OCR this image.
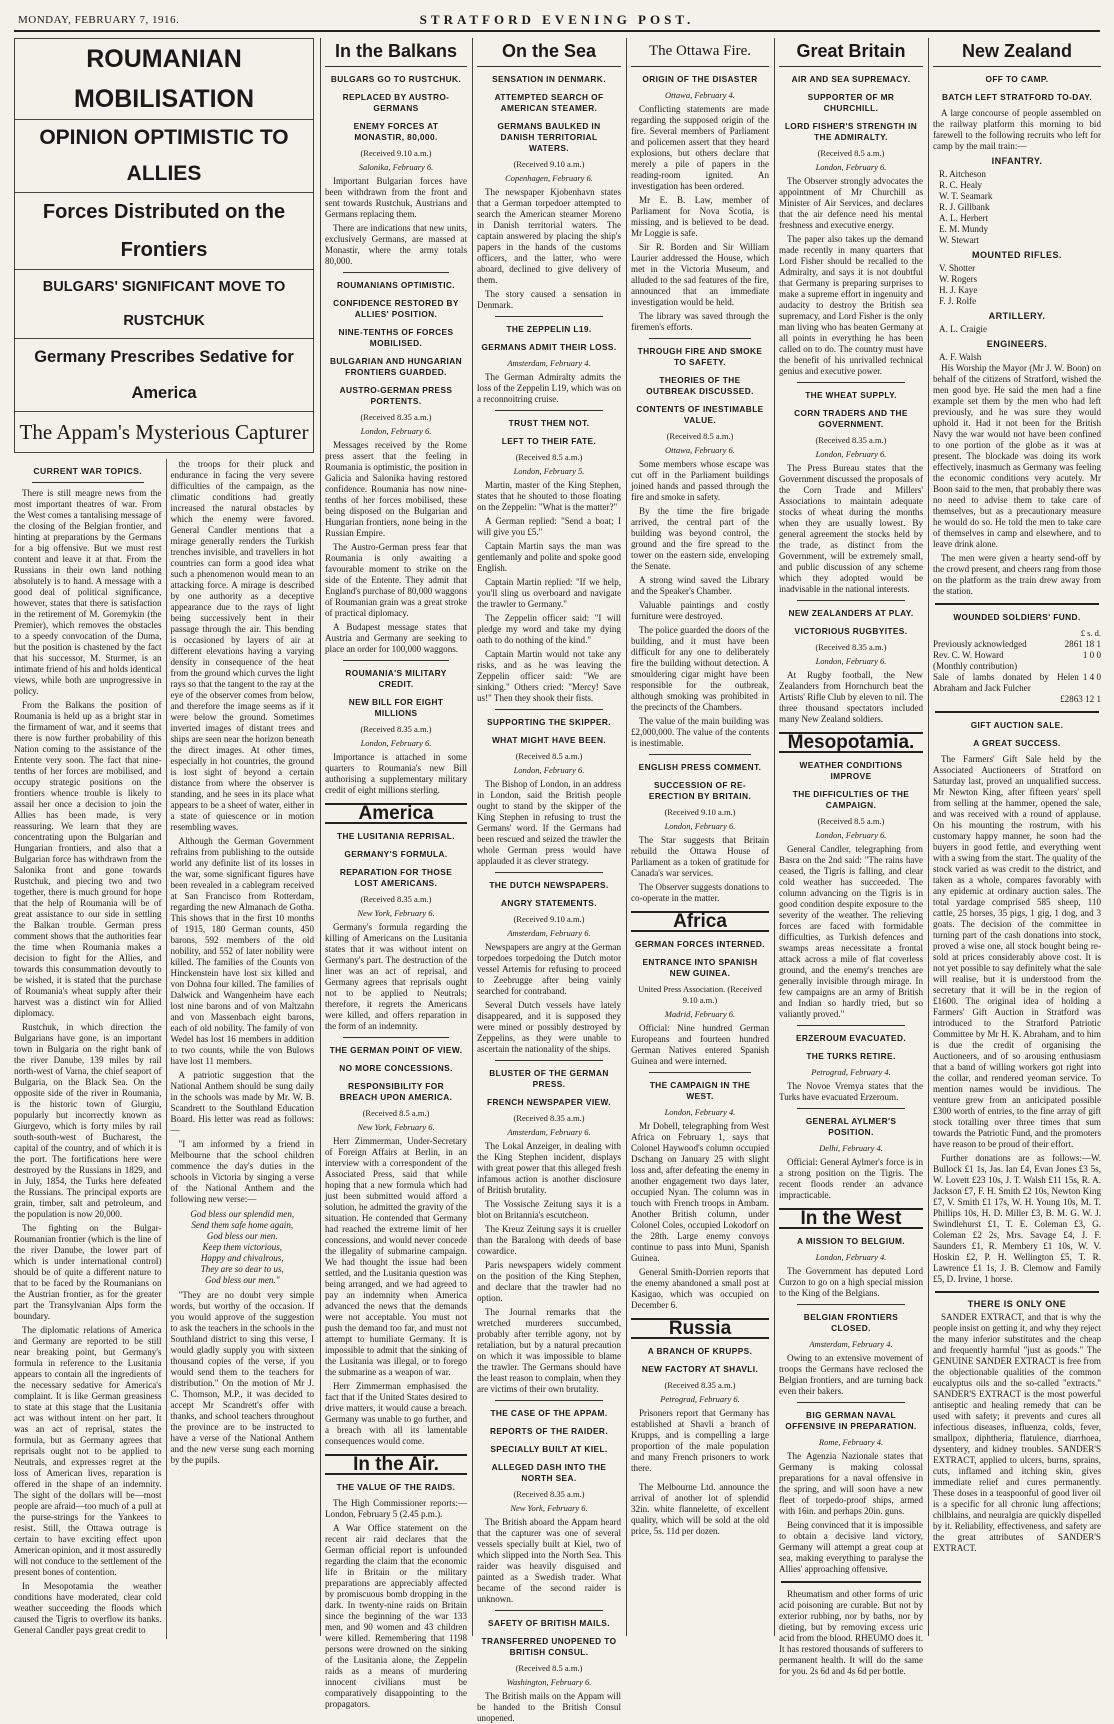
MONDAY, FEBRUARY 7, 1916.	STRATFORD EVENING POST.
ROUMANIAN MOBILISATION
OPINION OPTIMISTIC TO ALLIES
Forces Distributed on the Frontiers
BULGARS' SIGNIFICANT MOVE TO RUSTCHUK
Germany Prescribes Sedative for America
The Appam's Mysterious Capturer
CURRENT WAR TOPICS.

There is still meagre news from the most important theatres of war. From the West comes a tantalising message of the closing of the Belgian frontier, and hinting at preparations by the Germans for a big offensive. But we must rest content and leave it at that. From the Russians in their own land nothing absolutely is to hand. A message with a good deal of political significance, however, states that there is satisfaction in the retirement of M. Goremykin (the Premier), which removes the obstacles to a speedy convocation of the Duma, but the position is chastened by the fact that his successor, M. Sturmer, is an intimate friend of his and holds identical views, while both are unprogressive in policy.

From the Balkans the position of Roumania is held up as a bright star in the firmament of war, and it seems that there is now further probability of this Nation coming to the assistance of the Entente very soon. The fact that nine-tenths of her forces are mobilised, and occupy strategic positions on the frontiers whence trouble is likely to assail her once a decision to join the Allies has been made, is very reassuring. We learn that they are concentrating upon the Bulgarian and Hungarian frontiers, and also that a Bulgarian force has withdrawn from the Salonika front and gone towards Rustchuk, and piecing two and two together, there is much ground for hope that the help of Roumania will be of great assistance to our side in settling the Balkan trouble. German press comment shows that the authorities fear the time when Roumania makes a decision to fight for the Allies, and towards this consummation devoutly to be wished, it is stated that the purchase of Roumania's wheat supply after their harvest was a distinct win for Allied diplomacy.

Rustchuk, in which direction the Bulgarians have gone, is an important town in Bulgaria on the right bank of the river Danube, 139 miles by rail north-west of Varna, the chief seaport of Bulgaria, on the Black Sea. On the opposite side of the river in Roumania, is the historic town of Giurgiu, popularly but incorrectly known as Giurgevo, which is forty miles by rail south-south-west of Bucharest, the capital of the country, and of which it is the port. The fortifications here were destroyed by the Russians in 1829, and in July, 1854, the Turks here defeated the Russians. The principal exports are grain, timber, salt and petroleum, and the population is now 20,000.

The fighting on the Bulgar-Roumanian frontier (which is the line of the river Danube, the lower part of which is under international control) should be of quite a different nature to that to be faced by the Roumanians on the Austrian frontier, as for the greater part the Transylvanian Alps form the boundary.

The diplomatic relations of America and Germany are reported to be still near breaking point, but Germany's formula in reference to the Lusitania appears to contain all the ingredients of the necessary sedative for America's complaint. It is like German greasiness to state at this stage that the Lusitania act was without intent on her part. It was an act of reprisal, states the formula, but as Germany agrees that reprisals ought not to be applied to Neutrals, and expresses regret at the loss of American lives, reparation is offered in the shape of an indemnity. The sight of the dollars will be—most people are afraid—too much of a pull at the purse-strings for the Yankees to resist. Still, the Ottawa outrage is certain to have exciting effect upon American opinion, and it most assuredly will not conduce to the settlement of the present bones of contention.

In Mesopotamia the weather conditions have moderated, clear cold weather succeeding the floods which caused the Tigris to overflow its banks. General Candler pays great credit to

the troops for their pluck and endurance in facing the very severe difficulties of the campaign, as the climatic conditions had greatly increased the natural obstacles by which the enemy were favored. General Candler mentions that a mirage generally renders the Turkish trenches invisible, and travellers in hot countries can form a good idea what such a phenomenon would mean to an attacking force. A mirage is described by one authority as a deceptive appearance due to the rays of light being successively bent in their passage through the air. This bending is occasioned by layers of air at different elevations having a varying density in consequence of the heat from the ground which curves the light rays so that the tangent to the ray at the eye of the observer comes from below, and therefore the image seems as if it were below the ground. Sometimes inverted images of distant trees and ships are seen near the horizon beneath the direct images. At other times, especially in hot countries, the ground is lost sight of beyond a certain distance from where the observer is standing, and he sees in its place what appears to be a sheet of water, either in a state of quiescence or in motion resembling waves.

Although the German Government refrains from publishing to the outside world any definite list of its losses in the war, some significant figures have been revealed in a cablegram received at San Francisco from Rotterdam, regarding the new Almanach de Gotha. This shows that in the first 10 months of 1915, 180 German counts, 450 barons, 592 members of the old nobility, and 552 of later nobility were killed. The families of the Counts von Hinckenstein have lost six killed and von Dohna four killed. The families of Dalwick and Wangenheim have each lost nine barons and of von Maltzahn and von Massenbach eight barons, each of old nobility. The family of von Wedel has lost 16 members in addition to two counts, while the von Bulows have lost 11 members.

A patriotic suggestion that the National Anthem should be sung daily in the schools was made by Mr. W. B. Scandrett to the Southland Education Board. His letter was read as follows:—

"I am informed by a friend in Melbourne that the school children commence the day's duties in the schools in Victoria by singing a verse of the National Anthem and the following new verse:—

God bless our splendid men,
Send them safe home again,
God bless our men.
Keep them victorious,
Happy and chivalrous,
They are so dear to us,
God bless our men."

"They are no doubt very simple words, but worthy of the occasion. If you would approve of the suggestion to ask the teachers in the schools in the Southland district to sing this verse, I would gladly supply you with sixteen thousand copies of the verse, if you would send them to the teachers for distribution." On the motion of Mr J. C. Thomson, M.P., it was decided to accept Mr Scandrett's offer with thanks, and school teachers throughout the province are to be instructed to have a verse of the National Anthem and the new verse sung each morning by the pupils.

In the Balkans
BULGARS GO TO RUSTCHUK.
REPLACED BY AUSTRO-GERMANS
ENEMY FORCES AT MONASTIR, 80,000.
(Received 9.10 a.m.)
Salonika, February 6.

Important Bulgarian forces have been withdrawn from the front and sent towards Rustchuk, Austrians and Germans replacing them.

There are indications that new units, exclusively Germans, are massed at Monastir, where the army totals 80,000.

ROUMANIANS OPTIMISTIC.
CONFIDENCE RESTORED BY ALLIES' POSITION.
NINE-TENTHS OF FORCES MOBILISED.
BULGARIAN AND HUNGARIAN FRONTIERS GUARDED.
AUSTRO-GERMAN PRESS PORTENTS.
(Received 8.35 a.m.)
London, February 6.

Messages received by the Rome press assert that the feeling in Roumania is optimistic, the position in Galicia and Salonika having restored confidence. Roumania has now nine-tenths of her forces mobilised, these being disposed on the Bulgarian and Hungarian frontiers, none being in the Russian Empire.

The Austro-German press fear that Roumania is only awaiting a favourable moment to strike on the side of the Entente. They admit that England's purchase of 80,000 waggons of Roumanian grain was a great stroke of practical diplomacy.

A Budapest message states that Austria and Germany are seeking to place an order for 100,000 waggons.

ROUMANIA'S MILITARY CREDIT.
NEW BILL FOR EIGHT MILLIONS
(Received 8.35 a.m.)
London, February 6.

Importance is attached in some quarters to Roumania's new Bill authorising a supplementary military credit of eight millions sterling.

America
THE LUSITANIA REPRISAL.
GERMANY'S FORMULA.
REPARATION FOR THOSE LOST AMERICANS.
(Received 8.35 a.m.)
New York, February 6.

Germany's formula regarding the killing of Americans on the Lusitania states that it was without intent on Germany's part. The destruction of the liner was an act of reprisal, and Germany agrees that reprisals ought not to be applied to Neutrals; therefore, it regrets the Americans were killed, and offers reparation in the form of an indemnity.

THE GERMAN POINT OF VIEW.
NO MORE CONCESSIONS.
RESPONSIBILITY FOR BREACH UPON AMERICA.
(Received 8.5 a.m.)
New York, February 6.

Herr Zimmerman, Under-Secretary of Foreign Affairs at Berlin, in an interview with a correspondent of the Associated Press, said that while hoping that a new formula which had just been submitted would afford a solution, he admitted the gravity of the situation. He contended that Germany had reached the extreme limit of her concessions, and would never concede the illegality of submarine campaign. We had thought the issue had been settled, and the Lusitania question was being arranged, and we had agreed to pay an indemnity when America advanced the news that the demands were not acceptable. You must not push the demand too far, and must not attempt to humiliate Germany. It is impossible to admit that the sinking of the Lusitania was illegal, or to forego the submarine as a weapon of war.

Herr Zimmerman emphasised the fact that if the United States desired to drive matters, it would cause a breach. Germany was unable to go further, and a breach with all its lamentable consequences would come.

In the Air.
THE VALUE OF THE RAIDS.

The High Commissioner reports:— London, February 5 (2.45 p.m.).

A War Office statement on the recent air raid declares that the German official report is unfounded regarding the claim that the economic life in Britain or the military preparations are appreciably affected by promiscuous bomb dropping in the dark. In twenty-nine raids on Britain since the beginning of the war 133 men, and 90 women and 43 children were killed. Remembering that 1198 persons were drowned on the sinking of the Lusitania alone, the Zeppelin raids as a means of murdering innocent civilians must be comparatively disappointing to the propagators.

On the Sea
SENSATION IN DENMARK.
ATTEMPTED SEARCH OF AMERICAN STEAMER.
GERMANS BAULKED IN DANISH TERRITORIAL WATERS.
(Received 9.10 a.m.)
Copenhagen, February 6.

The newspaper Kjobenhavn states that a German torpedoer attempted to search the American steamer Moreno in Danish territorial waters. The captain answered by placing the ship's papers in the hands of the customs officers, and the latter, who were aboard, declined to give delivery of them.

The story caused a sensation in Denmark.

THE ZEPPELIN L19.
GERMANS ADMIT THEIR LOSS.
Amsterdam, February 4.

The German Admiralty admits the loss of the Zeppelin L19, which was on a reconnoitring cruise.

TRUST THEM NOT.
LEFT TO THEIR FATE.
(Received 8.5 a.m.)
London, February 5.

Martin, master of the King Stephen, states that he shouted to those floating on the Zeppelin: "What is the matter?"

A German replied: "Send a boat; I will give you £5."

Captain Martin says the man was gentlemanly and polite and spoke good English.

Captain Martin replied: "If we help, you'll sling us overboard and navigate the trawler to Germany."

The Zeppelin officer said: "I will pledge my word and take my dying oath to do nothing of the kind."

Captain Martin would not take any risks, and as he was leaving the Zeppelin officer said: "We are sinking." Others cried: "Mercy! Save us!" Then they shook their fists.

SUPPORTING THE SKIPPER.
WHAT MIGHT HAVE BEEN.
(Received 8.5 a.m.)
London, February 6.

The Bishop of London, in an address in London, said the British people ought to stand by the skipper of the King Stephen in refusing to trust the Germans' word. If the Germans had been rescued and seized the trawler the whole German press would have applauded it as clever strategy.

THE DUTCH NEWSPAPERS.
ANGRY STATEMENTS.
(Received 9.10 a.m.)
Amsterdam, February 6.

Newspapers are angry at the German torpedoes torpedoing the Dutch motor vessel Artemis for refusing to proceed to Zeebrugge after being vainly searched for contraband.

Several Dutch vessels have lately disappeared, and it is supposed they were mined or possibly destroyed by Zeppelins, as they were unable to ascertain the nationality of the ships.

BLUSTER OF THE GERMAN PRESS.
FRENCH NEWSPAPER VIEW.
(Received 8.35 a.m.)
Amsterdam, February 6.

The Lokal Anzeiger, in dealing with the King Stephen incident, displays with great power that this alleged fresh infamous action is another disclosure of British brutality.

The Vossische Zeitung says it is a blot on Britannia's escutcheon.

The Kreuz Zeitung says it is crueller than the Baralong with deeds of base cowardice.

Paris newspapers widely comment on the position of the King Stephen, and declare that the trawler had no option.

The Journal remarks that the wretched murderers succumbed, probably after terrible agony, not by retaliation, but by a natural precaution on which it was impossible to blame the trawler. The Germans should have the least reason to complain, when they are victims of their own brutality.

THE CASE OF THE APPAM.
REPORTS OF THE RAIDER.
SPECIALLY BUILT AT KIEL.
ALLEGED DASH INTO THE NORTH SEA.
(Received 8.35 a.m.)
New York, February 6.

The British aboard the Appam heard that the capturer was one of several vessels specially built at Kiel, two of which slipped into the North Sea. This raider was heavily disguised and painted as a Swedish trader. What became of the second raider is unknown.

SAFETY OF BRITISH MAILS.
TRANSFERRED UNOPENED TO BRITISH CONSUL.
(Received 8.5 a.m.)
Washington, February 6.

The British mails on the Appam will be handed to the British Consul unopened.

The Ottawa Fire.
ORIGIN OF THE DISASTER
Ottawa, February 4.

Conflicting statements are made regarding the supposed origin of the fire. Several members of Parliament and policemen assert that they heard explosions, but others declare that merely a pile of papers in the reading-room ignited. An investigation has been ordered.

Mr E. B. Law, member of Parliament for Nova Scotia, is missing, and is believed to be dead. Mr Loggie is safe.

Sir R. Borden and Sir William Laurier addressed the House, which met in the Victoria Museum, and alluded to the sad features of the fire, announced that an immediate investigation would be held.

The library was saved through the firemen's efforts.

THROUGH FIRE AND SMOKE TO SAFETY.
THEORIES OF THE OUTBREAK DISCUSSED.
CONTENTS OF INESTIMABLE VALUE.
(Received 8.5 a.m.)
Ottawa, February 6.

Some members whose escape was cut off in the Parliament buildings joined hands and passed through the fire and smoke in safety.

By the time the fire brigade arrived, the central part of the building was beyond control, the ground and the fire spread to the tower on the eastern side, enveloping the Senate.

A strong wind saved the Library and the Speaker's Chamber.

Valuable paintings and costly furniture were destroyed.

The police guarded the doors of the building, and it must have been difficult for any one to deliberately fire the building without detection. A smouldering cigar might have been responsible for the outbreak, although smoking was prohibited in the precincts of the Chambers.

The value of the main building was £2,000,000. The value of the contents is inestimable.

ENGLISH PRESS COMMENT.
SUCCESSION OF RE-ERECTION BY BRITAIN.
(Received 9.10 a.m.)
London, February 6.

The Star suggests that Britain rebuild the Ottawa House of Parliament as a token of gratitude for Canada's war services.

The Observer suggests donations to co-operate in the matter.

Africa
GERMAN FORCES INTERNED.
ENTRANCE INTO SPANISH NEW GUINEA.
United Press Association. (Received 9.10 a.m.)
Madrid, February 6.

Official: Nine hundred German Europeans and fourteen hundred German Natives entered Spanish Guinea and were interned.

THE CAMPAIGN IN THE WEST.
London, February 4.

Mr Dobell, telegraphing from West Africa on February 1, says that Colonel Haywood's column occupied Dschang on January 25 with slight loss and, after defeating the enemy in another engagement two days later, occupied Nyan. The column was in touch with French troops in Ambam. Another British column, under Colonel Coles, occupied Lokodorf on the 28th. Large enemy convoys continue to pass into Muni, Spanish Guinea.

General Smith-Dorrien reports that the enemy abandoned a small post at Kasigao, which was occupied on December 6.

Russia
A BRANCH OF KRUPPS.
NEW FACTORY AT SHAVLI.
(Received 8.35 a.m.)
Petrograd, February 6.

Prisoners report that Germany has established at Shavli a branch of Krupps, and is compelling a large proportion of the male population and many French prisoners to work there.

The Melbourne Ltd. announce the arrival of another lot of splendid 32in. white flannelette, of excellent quality, which will be sold at the old price, 5s. 11d per dozen.

Great Britain
AIR AND SEA SUPREMACY.
SUPPORTER OF MR CHURCHILL.
LORD FISHER'S STRENGTH IN THE ADMIRALTY.
(Received 8.5 a.m.)
London, February 6.

The Observer strongly advocates the appointment of Mr Churchill as Minister of Air Services, and declares that the air defence need his mental freshness and executive energy.

The paper also takes up the demand made recently in many quarters that Lord Fisher should be recalled to the Admiralty, and says it is not doubtful that Germany is preparing surprises to make a supreme effort in ingenuity and audacity to destroy the British sea supremacy, and Lord Fisher is the only man living who has beaten Germany at all points in everything he has been called on to do. The country must have the benefit of his unrivalled technical genius and executive power.

THE WHEAT SUPPLY.
CORN TRADERS AND THE GOVERNMENT.
(Received 8.35 a.m.)
London, February 6.

The Press Bureau states that the Government discussed the proposals of the Corn Trade and Millers' Associations to maintain adequate stocks of wheat during the months when they are usually lowest. By general agreement the stocks held by the trade, as distinct from the Government, will be extremely small, and public discussion of any scheme which they adopted would be inadvisable in the national interests.

NEW ZEALANDERS AT PLAY.
VICTORIOUS RUGBYITES.
(Received 8.35 a.m.)
London, February 6.

At Rugby football, the New Zealanders from Hornchurch beat the Artists' Rifle Club by eleven to nil. The three thousand spectators included many New Zealand soldiers.

Mesopotamia.
WEATHER CONDITIONS IMPROVE
THE DIFFICULTIES OF THE CAMPAIGN.
(Received 8.5 a.m.)
London, February 6.

General Candler, telegraphing from Basra on the 2nd said: "The rains have ceased, the Tigris is falling, and clear cold weather has succeeded. The column advancing on the Tigris is in good condition despite exposure to the severity of the weather. The relieving forces are faced with formidable difficulties, as Turkish defences and swamps areas necessitate a frontal attack across a mile of flat coverless ground, and the enemy's trenches are generally invisible through mirage. In few campaigns are an army of British and Indian so hardly tried, but so valiantly proved."

ERZEROUM EVACUATED.
THE TURKS RETIRE.
Petrograd, February 4.

The Novoe Vremya states that the Turks have evacuated Erzeroum.

GENERAL AYLMER'S POSITION.
Delhi, February 4.

Official: General Aylmer's force is in a strong position on the Tigris. The recent floods render an advance impracticable.

In the West
A MISSION TO BELGIUM.
London, February 4.

The Government has deputed Lord Curzon to go on a high special mission to the King of the Belgians.

BELGIAN FRONTIERS CLOSED.
Amsterdam, February 4.

Owing to an extensive movement of troops the Germans have reclosed the Belgian frontiers, and are turning back even their bakers.

BIG GERMAN NAVAL OFFENSIVE IN PREPARATION.
Rome, February 4.

The Agenzia Nazionale states that Germany is making colossal preparations for a naval offensive in the spring, and will soon have a new fleet of torpedo-proof ships, armed with 16in. and perhaps 20in. guns.

Being convinced that it is impossible to obtain a decisive land victory, Germany will attempt a great coup at sea, making everything to paralyse the Allies' approaching offensive.

Rheumatism and other forms of uric acid poisoning are curable. But not by exterior rubbing, nor by baths, nor by dieting, but by removing excess uric acid from the blood. RHEUMO does it. It has restored thousands of sufferers to permanent health. It will do the same for you. 2s 6d and 4s 6d per bottle.

New Zealand
OFF TO CAMP.
BATCH LEFT STRATFORD TO-DAY.

A large concourse of people assembled on the railway platform this morning to bid farewell to the following recruits who left for camp by the mail train:—

INFANTRY.
R. Aitcheson
R. C. Healy
W. T. Seamark
R. J. Gillbank
A. L. Herbert
E. M. Mundy
W. Stewart
MOUNTED RIFLES.
V. Shotter
W. Rogers
H. J. Kaye
F. J. Rolfe
ARTILLERY.
A. L. Craigie
ENGINEERS.
A. F. Walsh

His Worship the Mayor (Mr J. W. Boon) on behalf of the citizens of Stratford, wished the men good bye. He said the men had a fine example set them by the men who had left previously, and he was sure they would uphold it. Had it not been for the British Navy the war would not have been confined to one portion of the globe as it was at present. The blockade was doing its work effectively, inasmuch as Germany was feeling the economic conditions very acutely. Mr Boon said to the men, that probably there was no need to advise them to take care of themselves, but as a precautionary measure he would do so. He told the men to take care of themselves in camp and elsewhere, and to leave drink alone.

The men were given a hearty send-off by the crowd present, and cheers rang from those on the platform as the train drew away from the station.

WOUNDED SOLDIERS' FUND.
£ s. d.
Previously acknowledged	2861 18 1
Rev. C. W. Howard	1 0 0
(Monthly contribution)
Sale of lambs donated by Helen Abraham and Jack Fulcher
1 4 0
£2863 12 1
GIFT AUCTION SALE.
A GREAT SUCCESS.

The Farmers' Gift Sale held by the Associated Auctioneers of Stratford on Saturday last, proved an unqualified success. Mr Newton King, after fifteen years' spell from selling at the hammer, opened the sale, and was received with a round of applause. On his mounting the rostrum, with his customary happy manner, he soon had the buyers in good fettle, and everything went with a swing from the start. The quality of the stock varied as was credit to the district, and taken as a whole, compares favorably with any epidemic at ordinary auction sales. The total yardage comprised 585 sheep, 110 cattle, 25 horses, 35 pigs, 1 gig, 1 dog, and 3 goats. The decision of the committee in turning part of the cash donations into stock, proved a wise one, all stock bought being re-sold at prices considerably above cost. It is not yet possible to say definitely what the sale will realise, but it is understood from the secretary that it will be in the region of £1600. The original idea of holding a Farmers' Gift Auction in Stratford was introduced to the Stratford Patriotic Committee by Mr H. K. Abraham, and to him is due the credit of organising the Auctioneers, and of so arousing enthusiasm that a band of willing workers got right into the collar, and rendered yeoman service. To mention names would be invidious. The venture grew from an anticipated possible £300 worth of entries, to the fine array of gift stock totalling over three times that sum towards the Patriotic Fund, and the promoters have reason to be proud of their effort.

Further donations are as follows:—W. Bullock £1 1s, Jas. Ian £4, Evan Jones £3 5s, W. Lovett £23 10s, J. T. Walsh £11 15s, R. A. Jackson £7, F. H. Smith £2 10s, Newton King £7, V. Smith £1 17s, W. H. Young 10s, M. T. Phillips 10s, H. D. Miller £3, B. M. G. W. J. Swindlehurst £1, T. E. Coleman £3, G. Coleman £2 2s, Mrs. Savage £4, J. F. Saunders £1, R. Membery £1 10s, W. V. Hoskin £2, P. H. Wellington £5, T. R. Lawrence £1 1s, J. B. Clemow and Family £5, D. Irvine, 1 horse.

THERE IS ONLY ONE

SANDER EXTRACT, and that is why the people insist on getting it, and why they reject the many inferior substitutes and the cheap and frequently harmful "just as goods." The GENUINE SANDER EXTRACT is free from the objectionable qualities of the common eucalyptus oils and the so-called "extracts." SANDER'S EXTRACT is the most powerful antiseptic and healing remedy that can be used with safety; it prevents and cures all infectious diseases, influenza, colds, fever, smallpox, diphtheria, flatulence, diarrhoea, dysentery, and kidney troubles. SANDER'S EXTRACT, applied to ulcers, burns, sprains, cuts, inflamed and itching skin, gives immediate relief and cures permanently. These doses in a teaspoonful of good liver oil is a specific for all chronic lung affections; chilblains, and neuralgia are quickly dispelled by it. Reliability, effectiveness, and safety are the great attributes of SANDER'S EXTRACT.
